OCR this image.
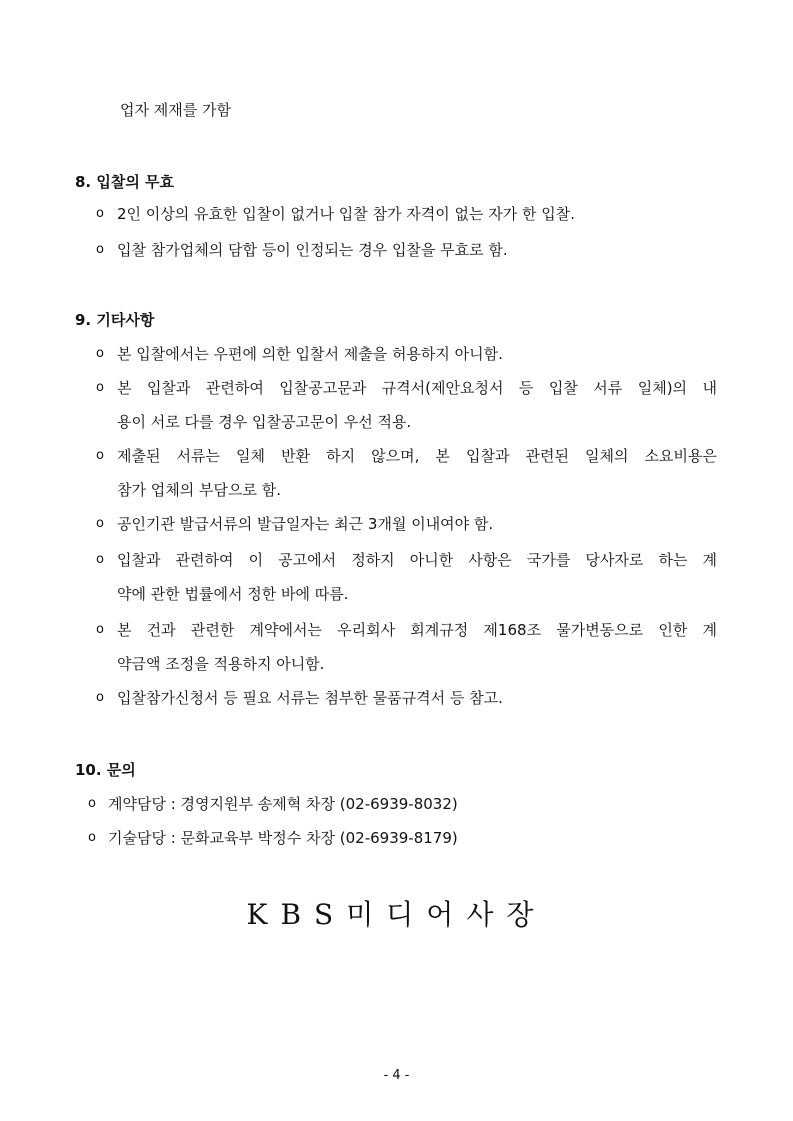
업자 제재를 가함
8. 입찰의 무효
o 2인 이상의 유효한 입찰이 없거나 입찰 참가 자격이 없는 자가 한 입찰.
o 입찰 참가업체의 담합 등이 인정되는 경우 입찰을 무효로 함.
9. 기타사항
o 본 입찰에서는 우편에 의한 입찰서 제출을 허용하지 아니함.
o 본 입찰과 관련하여 입찰공고문과 규격서(제안요청서 등 입찰 서류 일체)의 내
용이 서로 다를 경우 입찰공고문이 우선 적용.
o 제출된 서류는 일체 반환 하지 않으며, 본 입찰과 관련된 일체의 소요비용은
참가 업체의 부담으로 함.
o 공인기관 발급서류의 발급일자는 최근 3개월 이내여야 함.
o 입찰과 관련하여 이 공고에서 정하지 아니한 사항은 국가를 당사자로 하는 계
약에 관한 법률에서 정한 바에 따름.
o 본 건과 관련한 계약에서는 우리회사 회계규정 제168조 물가변동으로 인한 계
약금액 조정을 적용하지 아니함.
o 입찰참가신청서 등 필요 서류는 첨부한 물품규격서 등 참고.
10. 문의
o 계약담당 : 경영지원부 송제혁 차장 (02-6939-8032)
o 기술담당 : 문화교육부 박정수 차장 (02-6939-8179)
KBS미디어사장
- 4 -
